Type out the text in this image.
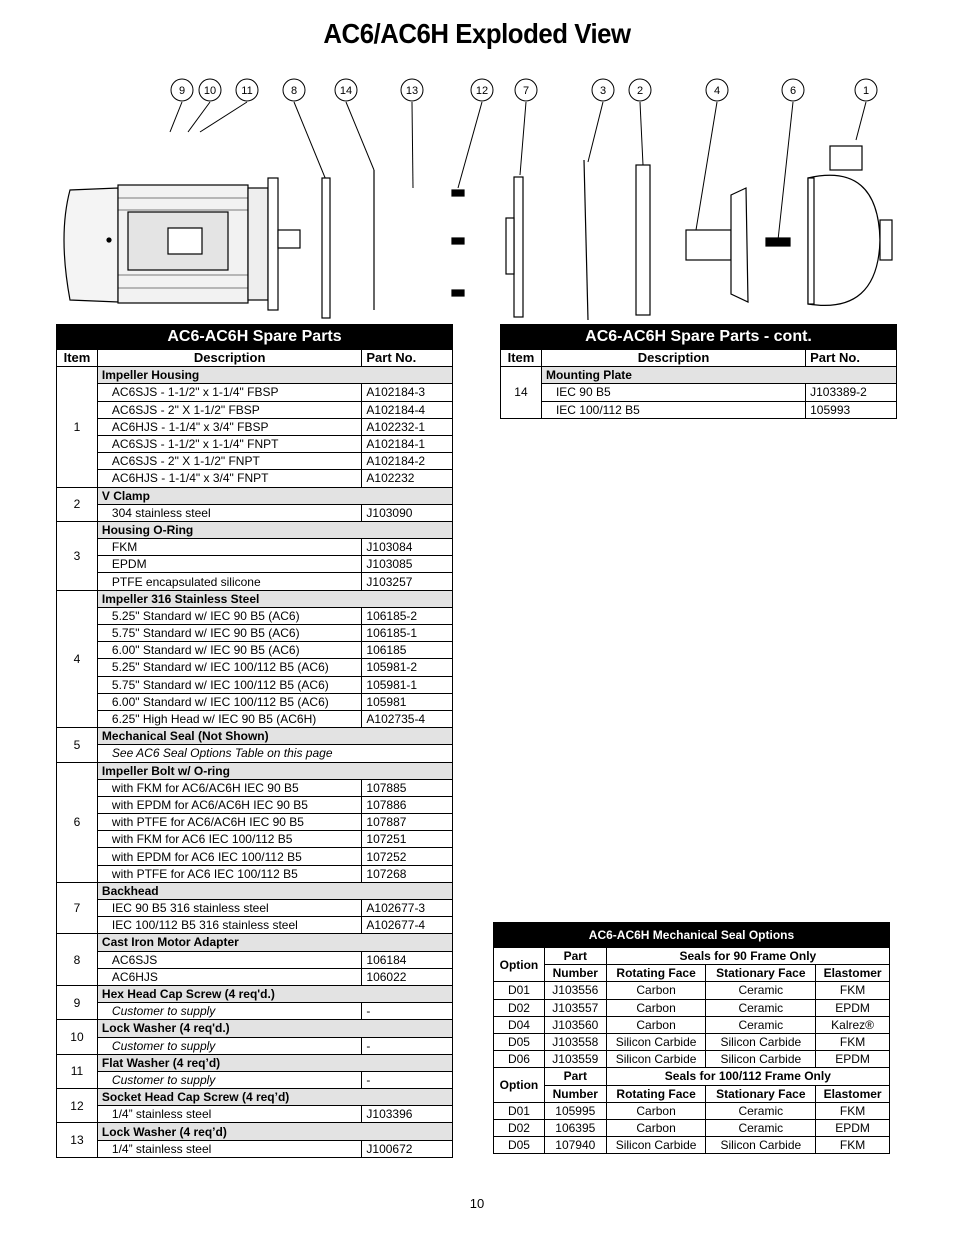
AC6/AC6H Exploded View
9 10 11	8	14	13	12	7	3	2	4	6	1
AC6-AC6H Spare Parts		
Item	Description	Part No.
1	Impeller Housing	
	AC6SJS - 1-1/2" x 1-1/4" FBSP	A102184-3
	AC6SJS - 2" X 1-1/2" FBSP	A102184-4
	AC6HJS - 1-1/4" x 3/4" FBSP	A102232-1
	AC6SJS - 1-1/2" x 1-1/4" FNPT	A102184-1
	AC6SJS - 2" X 1-1/2" FNPT	A102184-2
	AC6HJS - 1-1/4" x 3/4" FNPT	A102232
2	V Clamp	
	304 stainless steel	J103090
3	Housing O-Ring	
	FKM	J103084
	EPDM	J103085
	PTFE encapsulated silicone	J103257
4	Impeller 316 Stainless Steel	
	5.25" Standard w/ IEC 90 B5 (AC6)	106185-2
	5.75" Standard w/ IEC 90 B5 (AC6)	106185-1
	6.00" Standard w/ IEC 90 B5 (AC6)	106185
	5.25" Standard w/ IEC 100/112 B5 (AC6)	105981-2
	5.75" Standard w/ IEC 100/112 B5 (AC6)	105981-1
	6.00" Standard w/ IEC 100/112 B5 (AC6)	105981
	6.25" High Head w/ IEC 90 B5 (AC6H)	A102735-4
5	Mechanical Seal (Not Shown)	
	See AC6 Seal Options Table on this page	
6	Impeller Bolt w/ O-ring	
	with FKM for AC6/AC6H IEC 90 B5	107885
	with EPDM for AC6/AC6H IEC 90 B5	107886
	with PTFE for AC6/AC6H IEC 90 B5	107887
	with FKM for AC6 IEC 100/112 B5	107251
	with EPDM for AC6 IEC 100/112 B5	107252
	with PTFE for AC6 IEC 100/112 B5	107268
7	Backhead	
	IEC 90 B5 316 stainless steel	A102677-3
	IEC 100/112 B5 316 stainless steel	A102677-4
8	Cast Iron Motor Adapter	
	AC6SJS	106184
	AC6HJS	106022
9	Hex Head Cap Screw (4 req'd.)	
	Customer to supply	-
10	Lock Washer (4 req'd.)	
	Customer to supply	-
11	Flat Washer (4 req’d)	
	Customer to supply	-
12	Socket Head Cap Screw (4 req’d)	
	1/4” stainless steel	J103396
13	Lock Washer (4 req’d)	
	1/4” stainless steel	J100672
AC6-AC6H Spare Parts - cont.		
Item	Description	Part No.
14	Mounting Plate	
	IEC 90 B5	J103389-2
	IEC 100/112 B5	105993
AC6-AC6H Mechanical Seal Options				
Option	Part	Seals for 90 Frame Only		
	Number	Rotating Face	Stationary Face	Elastomer
D01	J103556	Carbon	Ceramic	FKM
D02	J103557	Carbon	Ceramic	EPDM
D04	J103560	Carbon	Ceramic	Kalrez®
D05	J103558	Silicon Carbide	Silicon Carbide	FKM
D06	J103559	Silicon Carbide	Silicon Carbide	EPDM
Option	Part	Seals for 100/112 Frame Only		
	Number	Rotating Face	Stationary Face	Elastomer
D01	105995	Carbon	Ceramic	FKM
D02	106395	Carbon	Ceramic	EPDM
D05	107940	Silicon Carbide	Silicon Carbide	FKM
10
